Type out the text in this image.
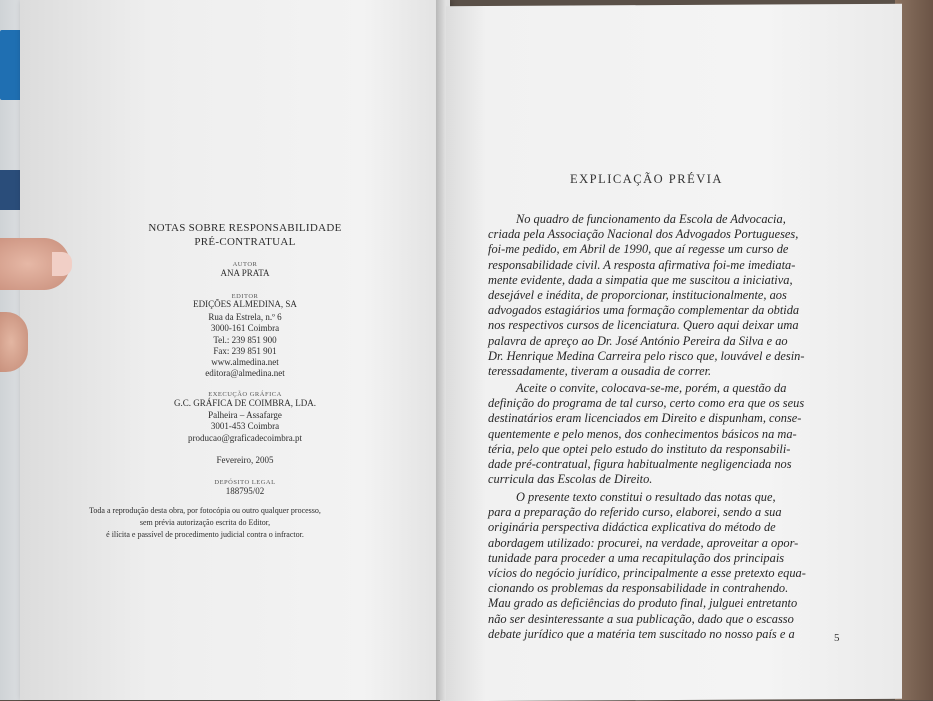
NOTAS SOBRE RESPONSABILIDADE
PRÉ-CONTRATUAL
AUTOR
ANA PRATA
EDITOR
EDIÇÕES ALMEDINA, SA
Rua da Estrela, n.º 6
3000-161 Coimbra
Tel.: 239 851 900
Fax: 239 851 901
www.almedina.net
editora@almedina.net
EXECUÇÃO GRÁFICA
G.C. GRÁFICA DE COIMBRA, LDA.
Palheira – Assafarge
3001-453 Coimbra
producao@graficadecoimbra.pt
Fevereiro, 2005
DEPÓSITO LEGAL
188795/02
Toda a reprodução desta obra, por fotocópia ou outro qualquer processo,
sem prévia autorização escrita do Editor,
é ilícita e passível de procedimento judicial contra o infractor.
EXPLICAÇÃO PRÉVIA
No quadro de funcionamento da Escola de Advocacia,
criada pela Associação Nacional dos Advogados Portugueses,
foi-me pedido, em Abril de 1990, que aí regesse um curso de
responsabilidade civil. A resposta afirmativa foi-me imediata-
mente evidente, dada a simpatia que me suscitou a iniciativa,
desejável e inédita, de proporcionar, institucionalmente, aos
advogados estagiários uma formação complementar da obtida
nos respectivos cursos de licenciatura. Quero aqui deixar uma
palavra de apreço ao Dr. José António Pereira da Silva e ao
Dr. Henrique Medina Carreira pelo risco que, louvável e desin-
teressadamente, tiveram a ousadia de correr.
Aceite o convite, colocava-se-me, porém, a questão da
definição do programa de tal curso, certo como era que os seus
destinatários eram licenciados em Direito e dispunham, conse-
quentemente e pelo menos, dos conhecimentos básicos na ma-
téria, pelo que optei pelo estudo do instituto da responsabili-
dade pré-contratual, figura habitualmente negligenciada nos
curricula das Escolas de Direito.
O presente texto constitui o resultado das notas que,
para a preparação do referido curso, elaborei, sendo a sua
originária perspectiva didáctica explicativa do método de
abordagem utilizado: procurei, na verdade, aproveitar a opor-
tunidade para proceder a uma recapitulação dos principais
vícios do negócio jurídico, principalmente a esse pretexto equa-
cionando os problemas da responsabilidade in contrahendo.
Mau grado as deficiências do produto final, julguei entretanto
não ser desinteressante a sua publicação, dado que o escasso
debate jurídico que a matéria tem suscitado no nosso país e a	5
